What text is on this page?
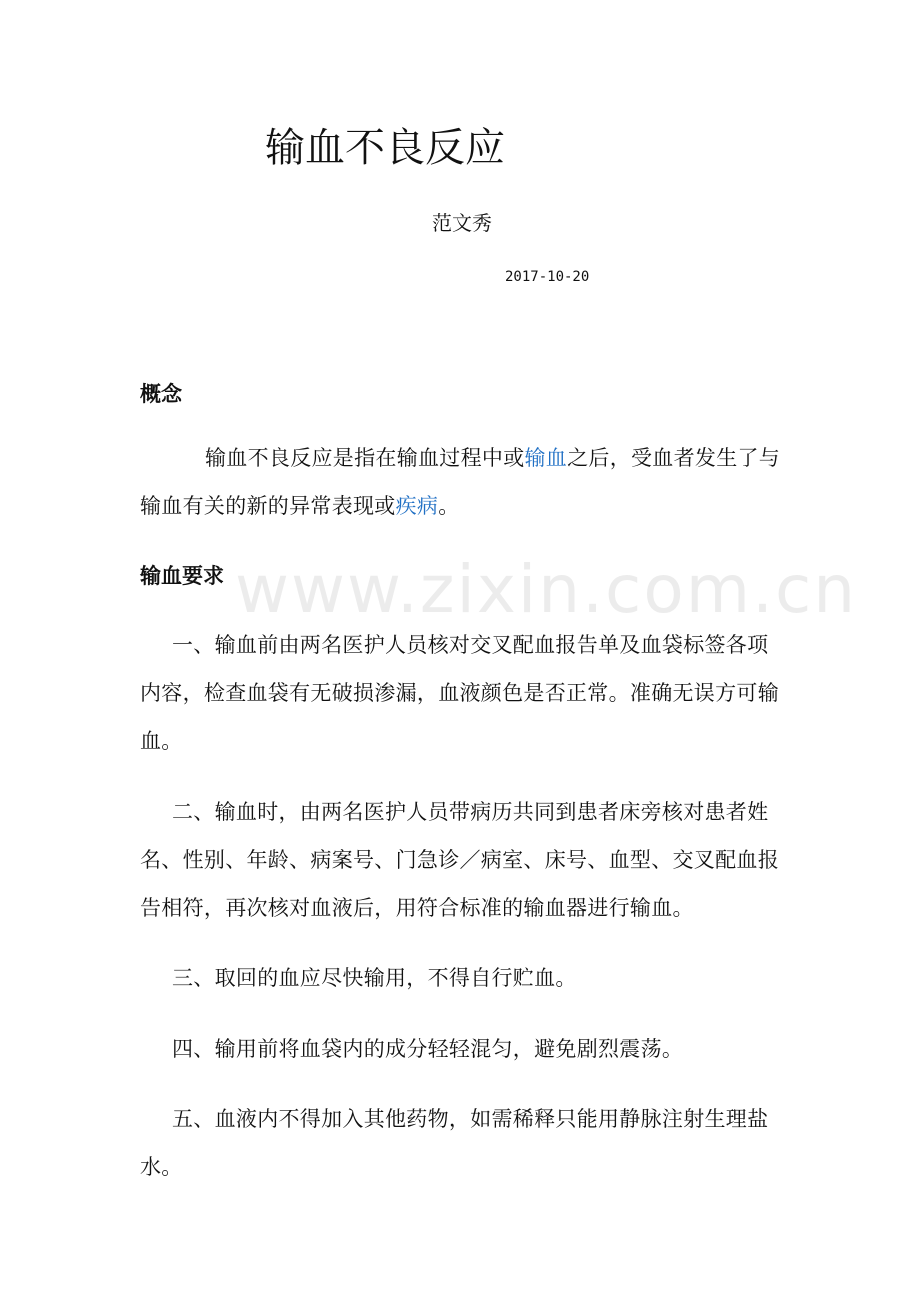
www.zixin.com.cn
输血不良反应
范文秀
2017-10-20
概念
输血不良反应是指在输血过程中或输血之后，受血者发生了与
输血有关的新的异常表现或疾病。
输血要求
一、输血前由两名医护人员核对交叉配血报告单及血袋标签各项
内容，检查血袋有无破损渗漏，血液颜色是否正常。准确无误方可输
血。
二、输血时，由两名医护人员带病历共同到患者床旁核对患者姓
名、性别、年龄、病案号、门急诊／病室、床号、血型、交叉配血报
告相符，再次核对血液后，用符合标准的输血器进行输血。
三、取回的血应尽快输用，不得自行贮血。
四、输用前将血袋内的成分轻轻混匀，避免剧烈震荡。
五、血液内不得加入其他药物，如需稀释只能用静脉注射生理盐
水。
